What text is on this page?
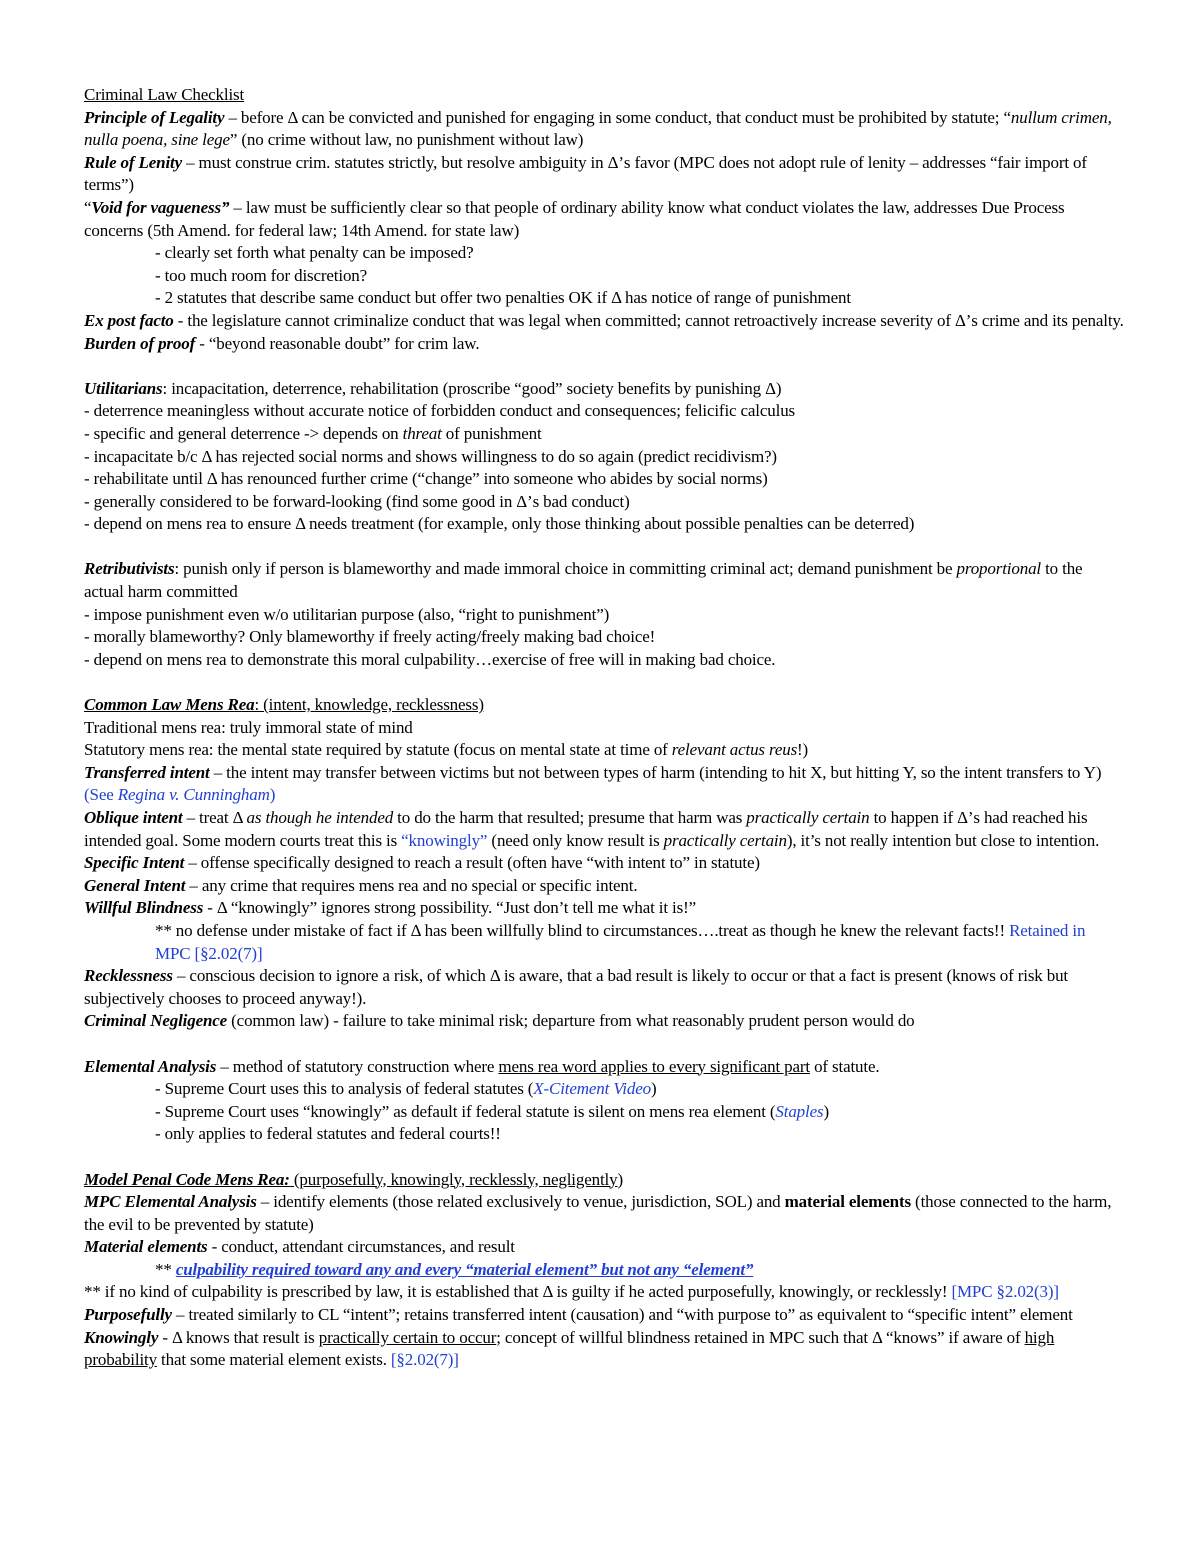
Criminal Law Checklist

Principle of Legality – before Δ can be convicted and punished for engaging in some conduct, that conduct must be prohibited by statute; “nullum crimen, nulla poena, sine lege” (no crime without law, no punishment without law)

Rule of Lenity – must construe crim. statutes strictly, but resolve ambiguity in Δ’s favor (MPC does not adopt rule of lenity – addresses “fair import of terms”)

“Void for vagueness” – law must be sufficiently clear so that people of ordinary ability know what conduct violates the law, addresses Due Process concerns (5th Amend. for federal law; 14th Amend. for state law)

- clearly set forth what penalty can be imposed?

- too much room for discretion?

- 2 statutes that describe same conduct but offer two penalties OK if Δ has notice of range of punishment

Ex post facto - the legislature cannot criminalize conduct that was legal when committed; cannot retroactively increase severity of Δ’s crime and its penalty.

Burden of proof - “beyond reasonable doubt” for crim law.

Utilitarians: incapacitation, deterrence, rehabilitation (proscribe “good” society benefits by punishing Δ)

- deterrence meaningless without accurate notice of forbidden conduct and consequences; felicific calculus

- specific and general deterrence -> depends on threat of punishment

- incapacitate b/c Δ has rejected social norms and shows willingness to do so again (predict recidivism?)

- rehabilitate until Δ has renounced further crime (“change” into someone who abides by social norms)

- generally considered to be forward-looking (find some good in Δ’s bad conduct)

- depend on mens rea to ensure Δ needs treatment (for example, only those thinking about possible penalties can be deterred)

Retributivists: punish only if person is blameworthy and made immoral choice in committing criminal act; demand punishment be proportional to the actual harm committed

- impose punishment even w/o utilitarian purpose (also, “right to punishment”)

- morally blameworthy? Only blameworthy if freely acting/freely making bad choice!

- depend on mens rea to demonstrate this moral culpability…exercise of free will in making bad choice.

Common Law Mens Rea: (intent, knowledge, recklessness)

Traditional mens rea: truly immoral state of mind

Statutory mens rea: the mental state required by statute (focus on mental state at time of relevant actus reus!)

Transferred intent – the intent may transfer between victims but not between types of harm (intending to hit X, but hitting Y, so the intent transfers to Y) (See Regina v. Cunningham)

Oblique intent – treat Δ as though he intended to do the harm that resulted; presume that harm was practically certain to happen if Δ’s had reached his intended goal. Some modern courts treat this is “knowingly” (need only know result is practically certain), it’s not really intention but close to intention.

Specific Intent – offense specifically designed to reach a result (often have “with intent to” in statute)

General Intent – any crime that requires mens rea and no special or specific intent.

Willful Blindness - Δ “knowingly” ignores strong possibility. “Just don’t tell me what it is!”

** no defense under mistake of fact if Δ has been willfully blind to circumstances….treat as though he knew the relevant facts!! Retained in MPC [§2.02(7)]

Recklessness – conscious decision to ignore a risk, of which Δ is aware, that a bad result is likely to occur or that a fact is present (knows of risk but subjectively chooses to proceed anyway!).

Criminal Negligence (common law) - failure to take minimal risk; departure from what reasonably prudent person would do

Elemental Analysis – method of statutory construction where mens rea word applies to every significant part of statute.

- Supreme Court uses this to analysis of federal statutes (X-Citement Video)

- Supreme Court uses “knowingly” as default if federal statute is silent on mens rea element (Staples)

- only applies to federal statutes and federal courts!!

Model Penal Code Mens Rea: (purposefully, knowingly, recklessly, negligently)

MPC Elemental Analysis – identify elements (those related exclusively to venue, jurisdiction, SOL) and material elements (those connected to the harm, the evil to be prevented by statute)

Material elements - conduct, attendant circumstances, and result

** culpability required toward any and every “material element” but not any “element”

** if no kind of culpability is prescribed by law, it is established that Δ is guilty if he acted purposefully, knowingly, or recklessly! [MPC §2.02(3)]

Purposefully – treated similarly to CL “intent”; retains transferred intent (causation) and “with purpose to” as equivalent to “specific intent” element

Knowingly - Δ knows that result is practically certain to occur; concept of willful blindness retained in MPC such that Δ “knows” if aware of high probability that some material element exists. [§2.02(7)]
